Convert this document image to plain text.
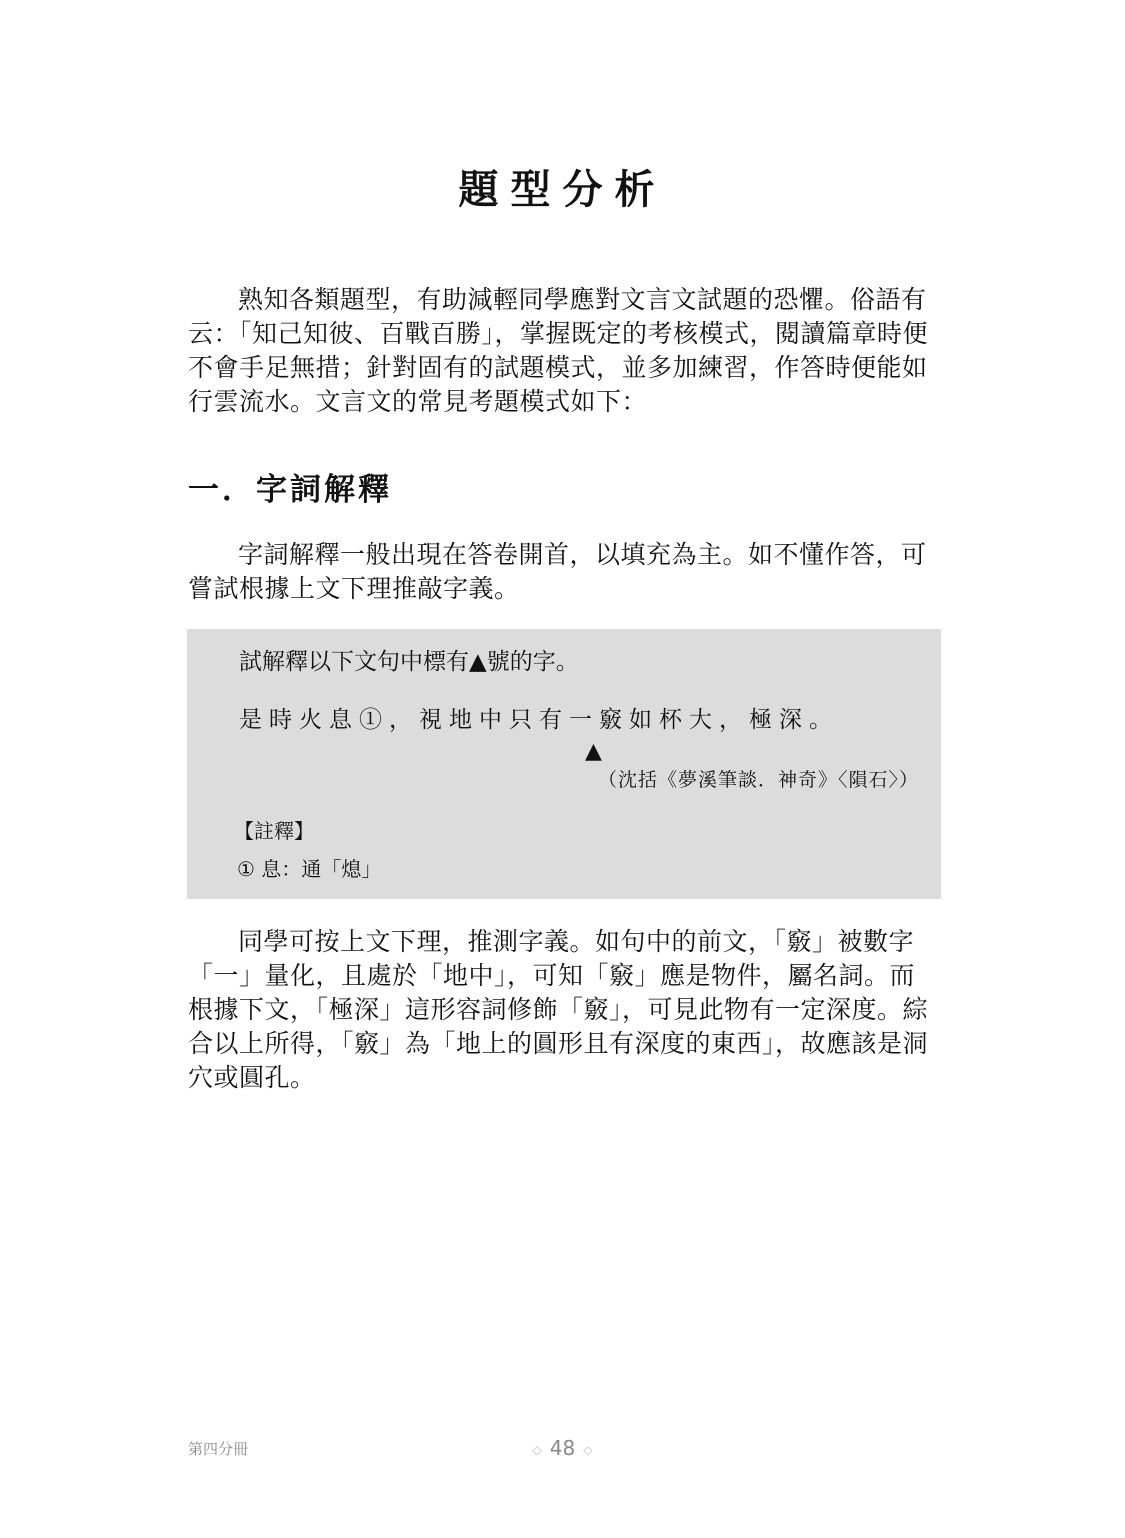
題型分析

熟知各類題型，有助減輕同學應對文言文試題的恐懼。俗語有云：「知己知彼、百戰百勝」，掌握既定的考核模式，閱讀篇章時便不會手足無措；針對固有的試題模式，並多加練習，作答時便能如行雲流水。文言文的常見考題模式如下：

一．字詞解釋

字詞解釋一般出現在答卷開首，以填充為主。如不懂作答，可嘗試根據上文下理推敲字義。

試解釋以下文句中標有▲號的字。

是時火息①，視地中只有一竅如杯大，極深。

▲

（沈括《夢溪筆談．神奇》〈隕石〉）

【註釋】

① 息：通「熄」

同學可按上文下理，推測字義。如句中的前文，「竅」被數字「一」量化，且處於「地中」，可知「竅」應是物件，屬名詞。而根據下文，「極深」這形容詞修飾「竅」，可見此物有一定深度。綜合以上所得，「竅」為「地上的圓形且有深度的東西」，故應該是洞穴或圓孔。

第四分冊	◇ 48 ◇
